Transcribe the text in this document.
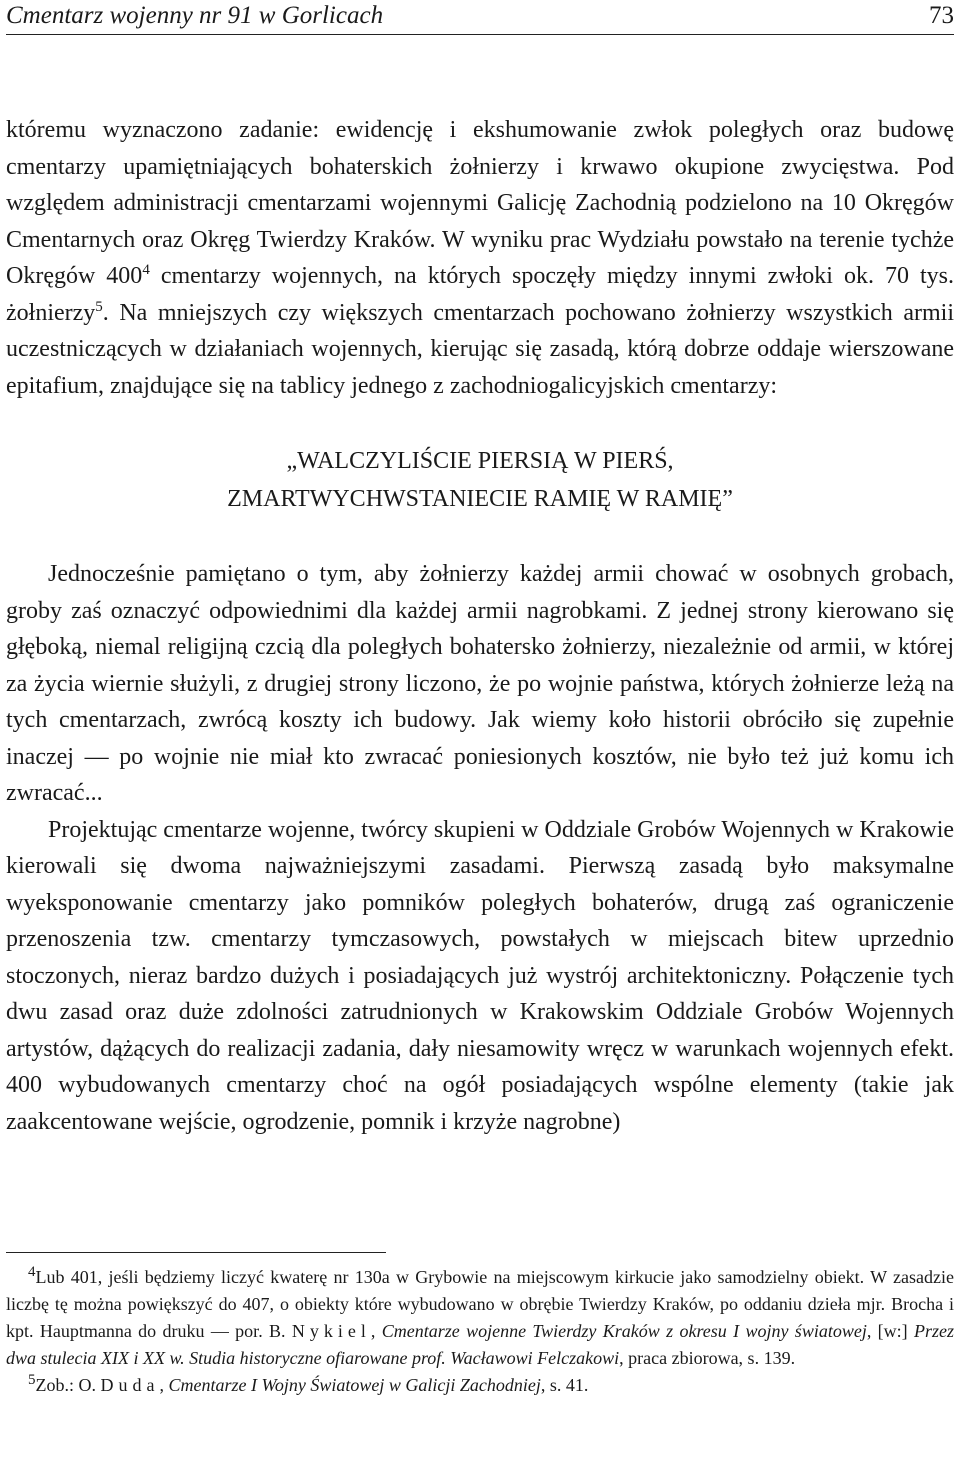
Cmentarz wojenny nr 91 w Gorlicach	73

któremu wyznaczono zadanie: ewidencję i ekshumowanie zwłok poległych oraz budowę cmentarzy upamiętniających bohaterskich żołnierzy i krwawo okupione zwycięstwa. Pod względem administracji cmentarzami wojennymi Galicję Zachodnią podzielono na 10 Okręgów Cmentarnych oraz Okręg Twierdzy Kraków. W wyniku prac Wydziału powstało na terenie tychże Okręgów $400^4$ cmentarzy wojennych, na których spoczęły między innymi zwłoki ok. 70 tys. żołnierzy$^5$. Na mniejszych czy większych cmentarzach pochowano żołnierzy wszystkich armii uczestniczących w działaniach wojennych, kierując się zasadą, którą dobrze oddaje wierszowane epitafium, znajdujące się na tablicy jednego z zachodniogalicyjskich cmentarzy:

„WALCZYLIŚCIE PIERSIĄ W PIERŚ,
ZMARTWYCHWSTANIECIE RAMIĘ W RAMIĘ”

Jednocześnie pamiętano o tym, aby żołnierzy każdej armii chować w osobnych grobach, groby zaś oznaczyć odpowiednimi dla każdej armii nagrobkami. Z jednej strony kierowano się głęboką, niemal religijną czcią dla poległych bohatersko żołnierzy, niezależnie od armii, w której za życia wiernie służyli, z drugiej strony liczono, że po wojnie państwa, których żołnierze leżą na tych cmentarzach, zwrócą koszty ich budowy. Jak wiemy koło historii obróciło się zupełnie inaczej — po wojnie nie miał kto zwracać poniesionych kosztów, nie było też już komu ich zwracać...

Projektując cmentarze wojenne, twórcy skupieni w Oddziale Grobów Wojennych w Krakowie kierowali się dwoma najważniejszymi zasadami. Pierwszą zasadą było maksymalne wyeksponowanie cmentarzy jako pomników poległych bohaterów, drugą zaś ograniczenie przenoszenia tzw. cmentarzy tymczasowych, powstałych w miejscach bitew uprzednio stoczonych, nieraz bardzo dużych i posiadających już wystrój architektoniczny. Połączenie tych dwu zasad oraz duże zdolności zatrudnionych w Krakowskim Oddziale Grobów Wojennych artystów, dążących do realizacji zadania, dały niesamowity wręcz w warunkach wojennych efekt. 400 wybudowanych cmentarzy choć na ogół posiadających wspólne elementy (takie jak zaakcentowane wejście, ogrodzenie, pomnik i krzyże nagrobne)

$^4$Lub 401, jeśli będziemy liczyć kwaterę nr 130a w Grybowie na miejscowym kirkucie jako samodzielny obiekt. W zasadzie liczbę tę można powiększyć do 407, o obiekty które wybudowano w obrębie Twierdzy Kraków, po oddaniu dzieła mjr. Brocha i kpt. Hauptmanna do druku — por. B. Nykiel, Cmentarze wojenne Twierdzy Kraków z okresu I wojny światowej, [w:] Przez dwa stulecia XIX i XX w. Studia historyczne ofiarowane prof. Wacławowi Felczakowi, praca zbiorowa, s. 139.

$^5$Zob.: O. Duda, Cmentarze I Wojny Światowej w Galicji Zachodniej, s. 41.
